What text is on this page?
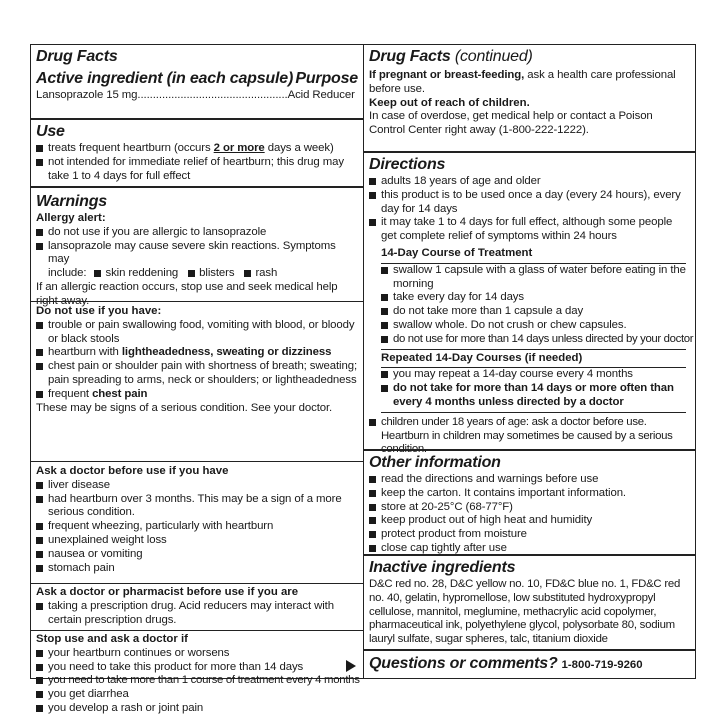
Drug Facts
Active ingredient (in each capsule) Purpose
Lansoprazole 15 mg.................................................Acid Reducer
Use
treats frequent heartburn (occurs 2 or more days a week)
not intended for immediate relief of heartburn; this drug may take 1 to 4 days for full effect
Warnings
Allergy alert:
do not use if you are allergic to lansoprazole
lansoprazole may cause severe skin reactions. Symptoms may
include:	skin reddening	blisters	rash
If an allergic reaction occurs, stop use and seek medical help right away.
Do not use if you have:
trouble or pain swallowing food, vomiting with blood, or bloody or black stools
heartburn with lightheadedness, sweating or dizziness
chest pain or shoulder pain with shortness of breath; sweating; pain spreading to arms, neck or shoulders; or lightheadedness
frequent chest pain
These may be signs of a serious condition. See your doctor.
Ask a doctor before use if you have
liver disease
had heartburn over 3 months. This may be a sign of a more serious condition.
frequent wheezing, particularly with heartburn
unexplained weight loss
nausea or vomiting
stomach pain
Ask a doctor or pharmacist before use if you are
taking a prescription drug. Acid reducers may interact with certain prescription drugs.
Stop use and ask a doctor if
your heartburn continues or worsens
you need to take this product for more than 14 days
you need to take more than 1 course of treatment every 4 months
you get diarrhea
you develop a rash or joint pain
Drug Facts (continued)
If pregnant or breast-feeding, ask a health care professional before use.
Keep out of reach of children.
In case of overdose, get medical help or contact a Poison Control Center right away (1-800-222-1222).
Directions
adults 18 years of age and older
this product is to be used once a day (every 24 hours), every day for 14 days
it may take 1 to 4 days for full effect, although some people get complete relief of symptoms within 24 hours
14-Day Course of Treatment
swallow 1 capsule with a glass of water before eating in the morning
take every day for 14 days
do not take more than 1 capsule a day
swallow whole. Do not crush or chew capsules.
do not use for more than 14 days unless directed by your doctor
Repeated 14-Day Courses (if needed)
you may repeat a 14-day course every 4 months
do not take for more than 14 days or more often than every 4 months unless directed by a doctor
children under 18 years of age: ask a doctor before use. Heartburn in children may sometimes be caused by a serious condition.
Other information
read the directions and warnings before use
keep the carton. It contains important information.
store at 20-25°C (68-77°F)
keep product out of high heat and humidity
protect product from moisture
close cap tightly after use
Inactive ingredients
D&C red no. 28, D&C yellow no. 10, FD&C blue no. 1, FD&C red no. 40, gelatin, hypromellose, low substituted hydroxypropyl cellulose, mannitol, meglumine, methacrylic acid copolymer, pharmaceutical ink, polyethylene glycol, polysorbate 80, sodium lauryl sulfate, sugar spheres, talc, titanium dioxide
Questions or comments? 1-800-719-9260
